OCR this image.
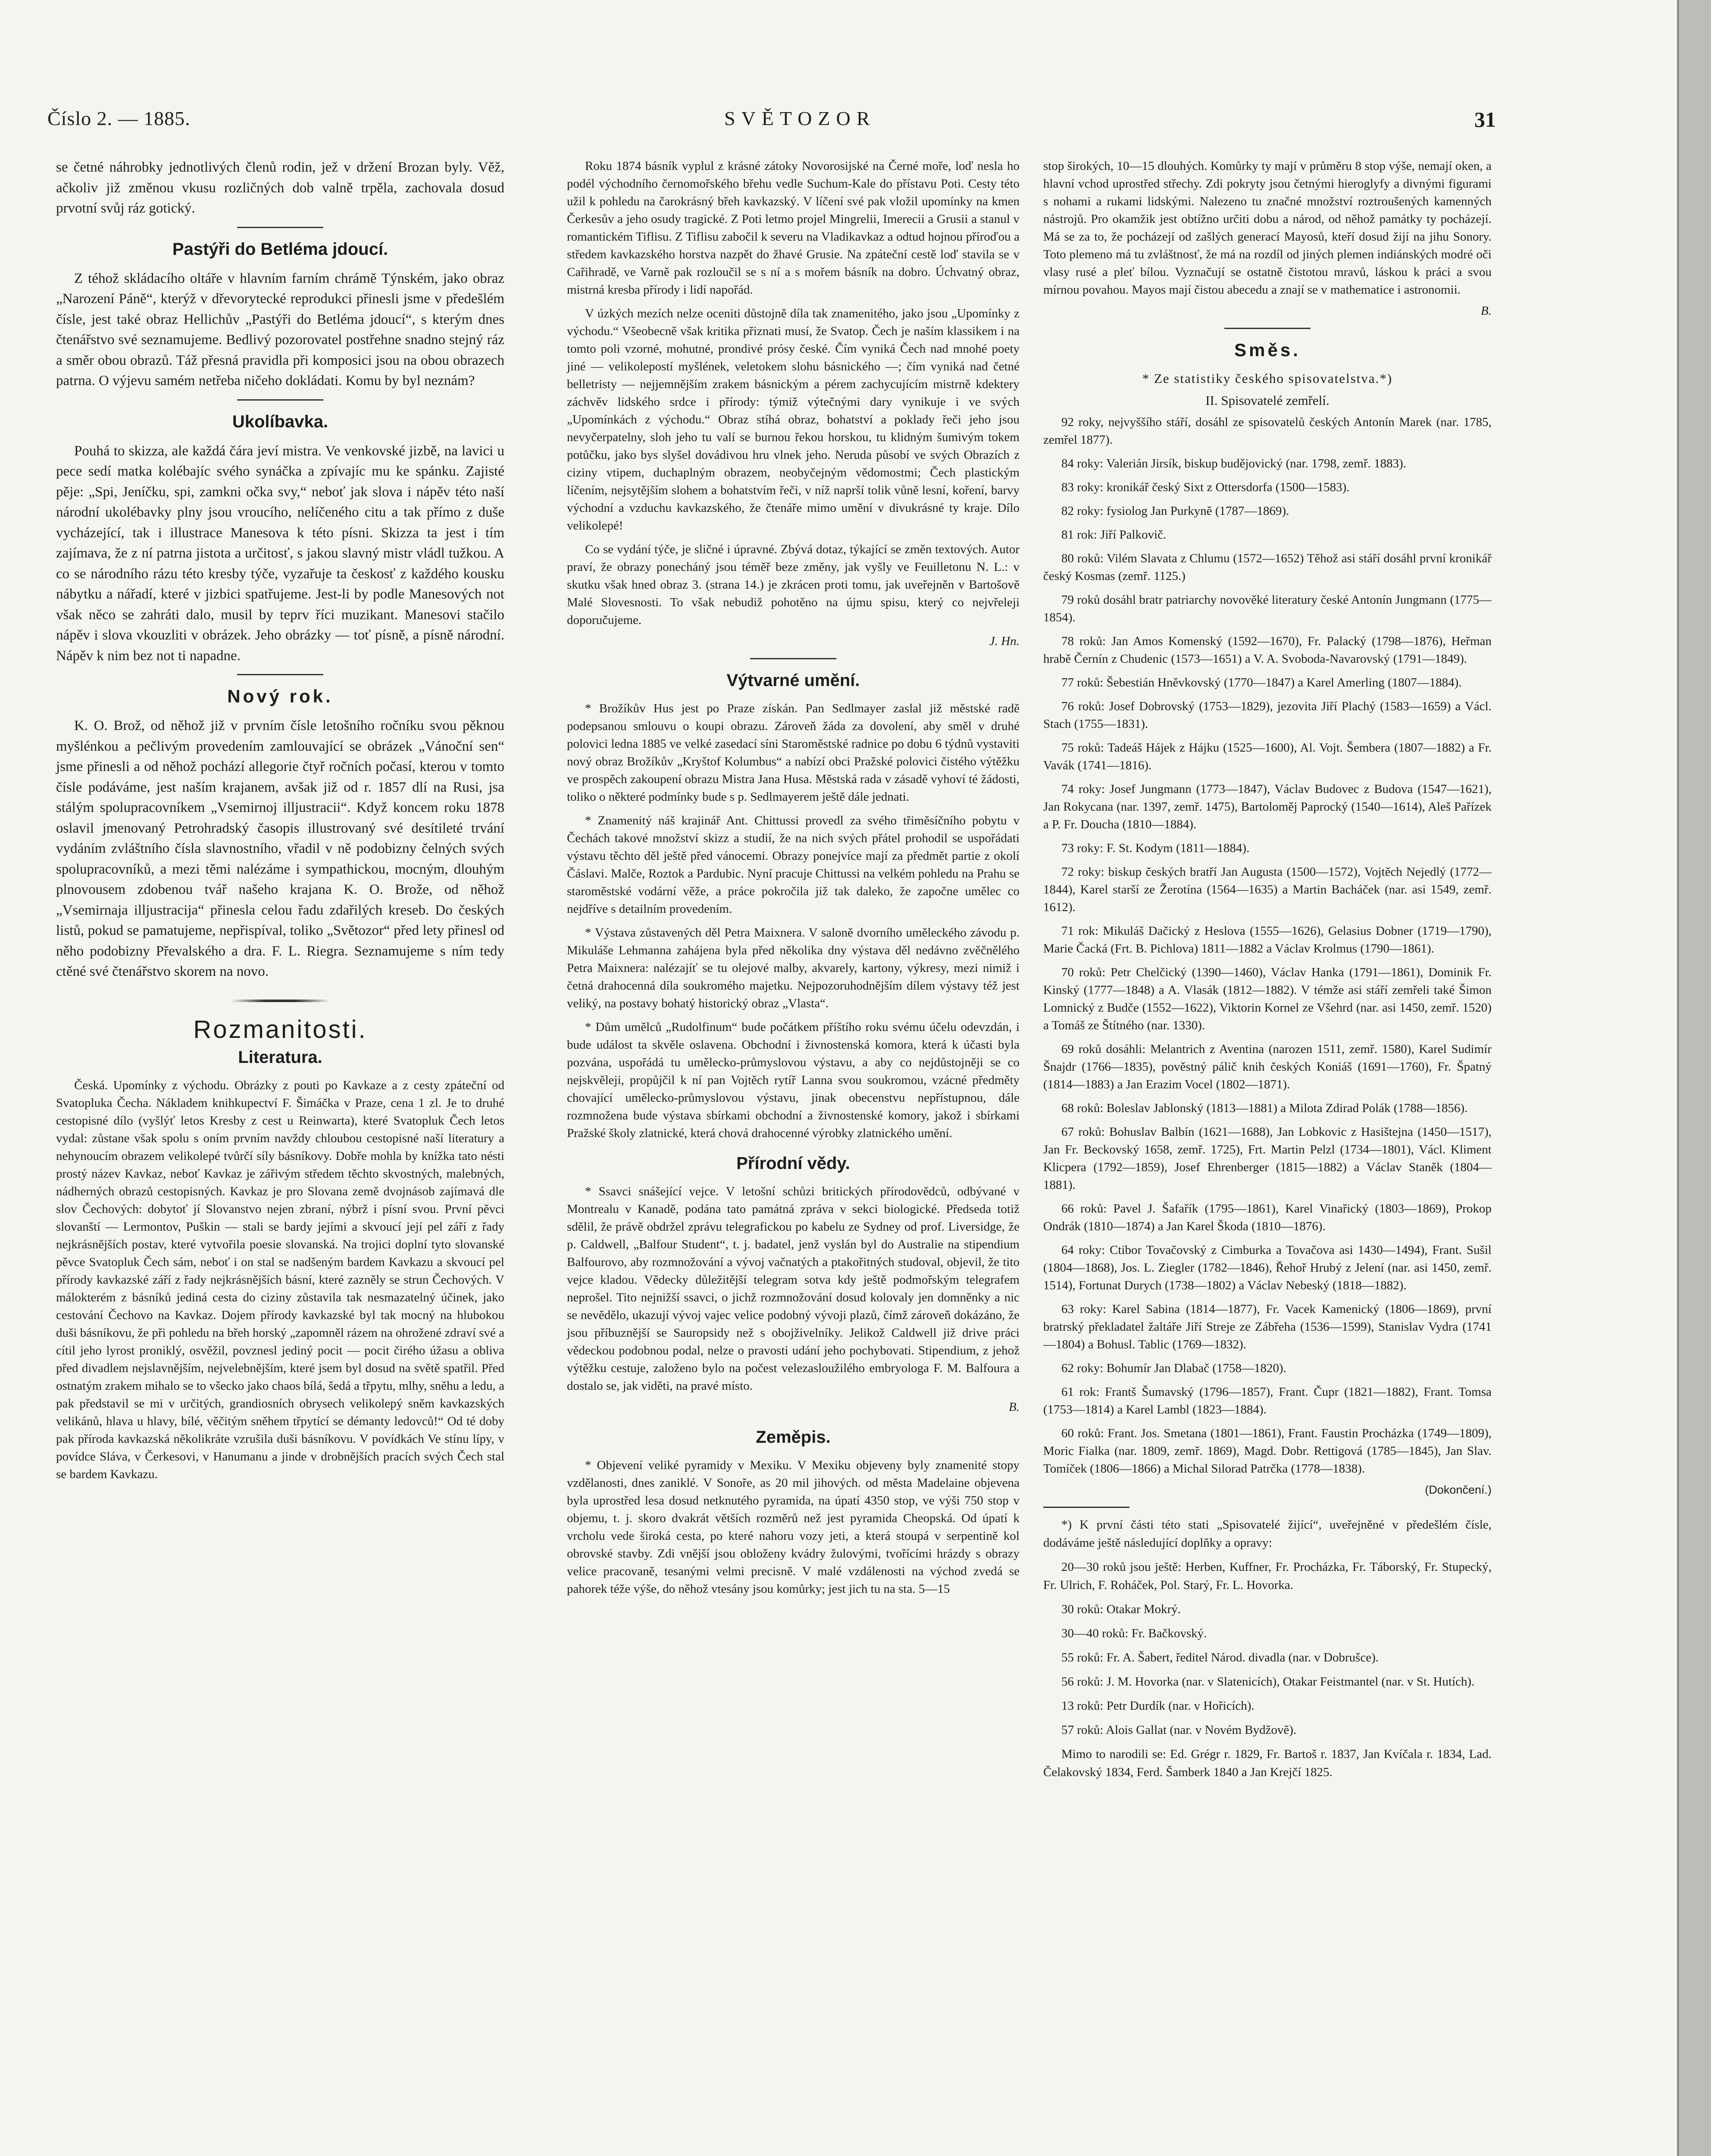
Číslo 2. — 1885.	SVĚTOZOR	31

se četné náhrobky jednotlivých členů rodin, jež v držení Brozan byly. Věž, ačkoliv již změnou vkusu rozličných dob valně trpěla, zachovala dosud prvotní svůj ráz gotický.

Pastýři do Betléma jdoucí.

Z téhož skládacího oltáře v hlavním farním chrámě Týnském, jako obraz „Narození Páně“, kterýž v dřevorytecké reprodukci přinesli jsme v předešlém čísle, jest také obraz Hellichův „Pastýři do Betléma jdoucí“, s kterým dnes čtenářstvo své seznamujeme. Bedlivý pozorovatel postřehne snadno stejný ráz a směr obou obrazů. Táž přesná pravidla při komposici jsou na obou obrazech patrna. O výjevu samém netřeba ničeho dokládati. Komu by byl neznám?

Ukolíbavka.

Pouhá to skizza, ale každá čára jeví mistra. Ve venkovské jizbě, na lavici u pece sedí matka kolébajíc svého synáčka a zpívajíc mu ke spánku. Zajisté pěje: „Spi, Jeníčku, spi, zamkni očka svy,“ neboť jak slova i nápěv této naší národní ukolébavky plny jsou vroucího, nelíčeného citu a tak přímo z duše vycházející, tak i illustrace Manesova k této písni. Skizza ta jest i tím zajímava, že z ní patrna jistota a určitosť, s jakou slavný mistr vládl tužkou. A co se národního rázu této kresby týče, vyzařuje ta českosť z každého kousku nábytku a nářadí, které v jizbici spatřujeme. Jest-li by podle Manesových not však něco se zahráti dalo, musil by teprv říci muzikant. Manesovi stačilo nápěv i slova vkouzliti v obrázek. Jeho obrázky — toť písně, a písně národní. Nápěv k nim bez not ti napadne.

Nový rok.

K. O. Brož, od něhož již v prvním čísle letošního ročníku svou pěknou myšlénkou a pečlivým provedením zamlouvající se obrázek „Vánoční sen“ jsme přinesli a od něhož pochází allegorie čtyř ročních počasí, kterou v tomto čísle podáváme, jest naším krajanem, avšak již od r. 1857 dlí na Rusi, jsa stálým spolupracovníkem „Vsemirnoj illjustracii“. Když koncem roku 1878 oslavil jmenovaný Petrohradský časopis illustrovaný své desítileté trvání vydáním zvláštního čísla slavnostního, vřadil v ně podobizny čelných svých spolupracovníků, a mezi těmi nalézáme i sympathickou, mocným, dlouhým plnovousem zdobenou tvář našeho krajana K. O. Brože, od něhož „Vsemirnaja illjustracija“ přinesla celou řadu zdařilých kreseb. Do českých listů, pokud se pamatujeme, nepřispíval, toliko „Světozor“ před lety přinesl od něho podobizny Převalského a dra. F. L. Riegra. Seznamujeme s ním tedy ctěné své čtenářstvo skorem na novo.

Rozmanitosti.
Literatura.

Česká. Upomínky z východu. Obrázky z pouti po Kavkaze a z cesty zpáteční od Svatopluka Čecha. Nákladem knihkupectví F. Šimáčka v Praze, cena 1 zl. Je to druhé cestopisné dílo (vyšlýť letos Kresby z cest u Reinwarta), které Svatopluk Čech letos vydal: zůstane však spolu s oním prvním navždy chloubou cestopisné naší literatury a nehynoucím obrazem velikolepé tvůrčí síly básníkovy. Dobře mohla by knížka tato nésti prostý název Kavkaz, neboť Kavkaz je zářivým středem těchto skvostných, malebných, nádherných obrazů cestopisných. Kavkaz je pro Slovana země dvojnásob zajímavá dle slov Čechových: dobytoť jí Slovanstvo nejen zbraní, nýbrž i písní svou. První pěvci slovanští — Lermontov, Puškin — stali se bardy jejími a skvoucí její pel září z řady nejkrásnějších postav, které vytvořila poesie slovanská. Na trojici doplní tyto slovanské pěvce Svatopluk Čech sám, neboť i on stal se nadšeným bardem Kavkazu a skvoucí pel přírody kavkazské září z řady nejkrásnějších básní, které zazněly se strun Čechových. V málokterém z básníků jediná cesta do ciziny zůstavila tak nesmazatelný účinek, jako cestování Čechovo na Kavkaz. Dojem přírody kavkazské byl tak mocný na hlubokou duši básníkovu, že při pohledu na břeh horský „zapomněl rázem na ohrožené zdraví své a cítil jeho lyrost proniklý, osvěžil, povznesl jediný pocit — pocit čirého úžasu a obliva před divadlem nejslavnějším, nejvelebnějším, které jsem byl dosud na světě spatřil. Před ostnatým zrakem mihalo se to všecko jako chaos bílá, šedá a třpytu, mlhy, sněhu a ledu, a pak představil se mi v určitých, grandiosních obrysech velikolepý sněm kavkazských velikánů, hlava u hlavy, bílé, věčitým sněhem třpytící se démanty ledovců!“ Od té doby pak příroda kavkazská několikráte vzrušila duši básníkovu. V povídkách Ve stínu lípy, v povídce Sláva, v Čerkesovi, v Hanumanu a jinde v drobnějších pracích svých Čech stal se bardem Kavkazu.

Roku 1874 básník vyplul z krásné zátoky Novorosijské na Černé moře, loď nesla ho podél východního černomořského břehu vedle Suchum-Kale do přístavu Poti. Cesty této užil k pohledu na čarokrásný břeh kavkazský. V líčení své pak vložil upomínky na kmen Čerkesův a jeho osudy tragické. Z Poti letmo projel Mingrelii, Imerecii a Grusii a stanul v romantickém Tiflisu. Z Tiflisu zabočil k severu na Vladikavkaz a odtud hojnou příroďou a středem kavkazského horstva nazpět do žhavé Grusie. Na zpáteční cestě loď stavila se v Cařihradě, ve Varně pak rozloučil se s ní a s mořem básník na dobro. Úchvatný obraz, mistrná kresba přírody i lidí napořád.

V úzkých mezích nelze oceniti důstojně díla tak znamenitého, jako jsou „Upomínky z východu.“ Všeobecně však kritika přiznati musí, že Svatop. Čech je naším klassikem i na tomto poli vzorné, mohutné, prondivé prósy české. Čím vyniká Čech nad mnohé poety jiné — velikolepostí myšlének, veletokem slohu básnického —; čím vyniká nad četné belletristy — nejjemnějším zrakem básnickým a pérem zachycujícím mistrně kdektery záchvěv lidského srdce i přírody: týmiž výtečnými dary vynikuje i ve svých „Upomínkách z východu.“ Obraz stíhá obraz, bohatství a poklady řeči jeho jsou nevyčerpatelny, sloh jeho tu valí se burnou řekou horskou, tu klidným šumivým tokem potůčku, jako bys slyšel dovádivou hru vlnek jeho. Neruda působí ve svých Obrazích z ciziny vtipem, duchaplným obrazem, neobyčejným vědomostmi; Čech plastickým líčením, nejsytějším slohem a bohatstvím řeči, v níž naprší tolik vůně lesní, koření, barvy východní a vzduchu kavkazského, že čtenáře mimo umění v divukrásné ty kraje. Dílo velikolepé!

Co se vydání týče, je sličné i úpravné. Zbývá dotaz, týkající se změn textových. Autor praví, že obrazy ponecháný jsou téměř beze změny, jak vyšly ve Feuilletonu N. L.: v skutku však hned obraz 3. (strana 14.) je zkrácen proti tomu, jak uveřejněn v Bartošově Malé Slovesnosti. To však nebudiž pohotěno na újmu spisu, který co nejvřeleji doporučujeme.

J. Hn.
Výtvarné umění.

* Brožíkův Hus jest po Praze získán. Pan Sedlmayer zaslal již městské radě podepsanou smlouvu o koupi obrazu. Zároveň žáda za dovolení, aby směl v druhé polovici ledna 1885 ve velké zasedací síni Staroměstské radnice po dobu 6 týdnů vystaviti nový obraz Brožíkův „Kryštof Kolumbus“ a nabízí obci Pražské polovici čistého výtěžku ve prospěch zakoupení obrazu Mistra Jana Husa. Městská rada v zásadě vyhoví té žádosti, toliko o některé podmínky bude s p. Sedlmayerem ještě dále jednati.

* Znamenitý náš krajinář Ant. Chittussi provedl za svého třiměsíčního pobytu v Čechách takové množství skizz a studií, že na nich svých přátel prohodil se uspořádati výstavu těchto děl ještě před vánocemi. Obrazy ponejvíce mají za předmět partie z okolí Čáslavi. Malče, Roztok a Pardubic. Nyní pracuje Chittussi na velkém pohledu na Prahu se staroměstské vodární věže, a práce pokročila již tak daleko, že započne umělec co nejdříve s detailním provedením.

* Výstava zůstavených děl Petra Maixnera. V saloně dvorního uměleckého závodu p. Mikuláše Lehmanna zahájena byla před několika dny výstava děl nedávno zvěčnělého Petra Maixnera: nalézajíť se tu olejové malby, akvarely, kartony, výkresy, mezi nimiž i četná drahocenná díla soukromého majetku. Nejpozoruhodnějším dílem výstavy též jest veliký, na postavy bohatý historický obraz „Vlasta“.

* Dům umělců „Rudolfinum“ bude počátkem příštího roku svému účelu odevzdán, i bude událost ta skvěle oslavena. Obchodní i živnostenská komora, která k účasti byla pozvána, uspořádá tu umělecko-průmyslovou výstavu, a aby co nejdůstojněji se co nejskvěleji, propůjčil k ní pan Vojtěch rytíř Lanna svou soukromou, vzácné předměty chovající umělecko-průmyslovou výstavu, jinak obecenstvu nepřístupnou, dále rozmnožena bude výstava sbírkami obchodní a živnostenské komory, jakož i sbírkami Pražské školy zlatnické, která chová drahocenné výrobky zlatnického umění.

Přírodní vědy.

* Ssavci snášející vejce. V letošní schůzi britických přírodovědců, odbývané v Montrealu v Kanadě, podána tato památná zpráva v sekci biologické. Předseda totiž sdělil, že právě obdržel zprávu telegrafickou po kabelu ze Sydney od prof. Liversidge, že p. Caldwell, „Balfour Student“, t. j. badatel, jenž vyslán byl do Australie na stipendium Balfourovo, aby rozmnožování a vývoj vačnatých a ptakořitných studoval, objevil, že tito vejce kladou. Vědecky důležitější telegram sotva kdy ještě podmořským telegrafem neprošel. Tito nejnižší ssavci, o jichž rozmnožování dosud kolovaly jen domněnky a nic se nevědělo, ukazují vývoj vajec velice podobný vývoji plazů, čímž zároveň dokázáno, že jsou příbuznější se Sauropsidy než s obojživelníky. Jelikož Caldwell již drive práci vědeckou podobnou podal, nelze o pravosti udání jeho pochybovati. Stipendium, z jehož výtěžku cestuje, založeno bylo na počest velezasloužilého embryologa F. M. Balfoura a dostalo se, jak viděti, na pravé místo.

B.
Zeměpis.

* Objevení veliké pyramidy v Mexiku. V Mexiku objeveny byly znamenité stopy vzdělanosti, dnes zaniklé. V Sonoře, as 20 mil jihových. od města Madelaine objevena byla uprostřed lesa dosud netknutého pyramida, na úpatí 4350 stop, ve výši 750 stop v objemu, t. j. skoro dvakrát větších rozměrů než jest pyramida Cheopská. Od úpatí k vrcholu vede široká cesta, po které nahoru vozy jeti, a která stoupá v serpentině kol obrovské stavby. Zdi vnější jsou obloženy kvádry žulovými, tvořícími hrázdy s obrazy velice pracovaně, tesanými velmi precisně. V malé vzdálenosti na východ zvedá se pahorek téže výše, do něhož vtesány jsou komůrky; jest jich tu na sta. 5—15

stop širokých, 10—15 dlouhých. Komůrky ty mají v průměru 8 stop výše, nemají oken, a hlavní vchod uprostřed střechy. Zdi pokryty jsou četnými hieroglyfy a divnými figurami s nohami a rukami lidskými. Nalezeno tu značné množství roztroušených kamenných nástrojů. Pro okamžik jest obtížno určiti dobu a národ, od něhož památky ty pocházejí. Má se za to, že pocházejí od zašlých generací Mayosů, kteří dosud žijí na jihu Sonory. Toto plemeno má tu zvláštnosť, že má na rozdíl od jiných plemen indiánských modré oči vlasy rusé a pleť bílou. Vyznačují se ostatně čistotou mravů, láskou k práci a svou mírnou povahou. Mayos mají čistou abecedu a znají se v mathematice i astronomii.

B.
Směs.
* Ze statistiky českého spisovatelstva.*)
II. Spisovatelé zemřelí.

92 roky, nejvyššího stáří, dosáhl ze spisovatelů českých Antonín Marek (nar. 1785, zemřel 1877).

84 roky: Valerián Jirsík, biskup budějovický (nar. 1798, zemř. 1883).

83 roky: kronikář český Sixt z Ottersdorfa (1500—1583).

82 roky: fysiolog Jan Purkyně (1787—1869).

81 rok: Jiří Palkovič.

80 roků: Vilém Slavata z Chlumu (1572—1652) Těhož asi stáří dosáhl první kronikář český Kosmas (zemř. 1125.)

79 roků dosáhl bratr patriarchy novověké literatury české Antonín Jungmann (1775—1854).

78 roků: Jan Amos Komenský (1592—1670), Fr. Palacký (1798—1876), Heřman hrabě Černín z Chudenic (1573—1651) a V. A. Svoboda-Navarovský (1791—1849).

77 roků: Šebestián Hněvkovský (1770—1847) a Karel Amerling (1807—1884).

76 roků: Josef Dobrovský (1753—1829), jezovita Jiří Plachý (1583—1659) a Václ. Stach (1755—1831).

75 roků: Tadeáš Hájek z Hájku (1525—1600), Al. Vojt. Šembera (1807—1882) a Fr. Vavák (1741—1816).

74 roky: Josef Jungmann (1773—1847), Václav Budovec z Budova (1547—1621), Jan Rokycana (nar. 1397, zemř. 1475), Bartoloměj Paprocký (1540—1614), Aleš Pařízek a P. Fr. Doucha (1810—1884).

73 roky: F. St. Kodym (1811—1884).

72 roky: biskup českých bratří Jan Augusta (1500—1572), Vojtěch Nejedlý (1772—1844), Karel starší ze Žerotína (1564—1635) a Martin Bacháček (nar. asi 1549, zemř. 1612).

71 rok: Mikuláš Dačický z Heslova (1555—1626), Gelasius Dobner (1719—1790), Marie Čacká (Frt. B. Pichlova) 1811—1882 a Václav Krolmus (1790—1861).

70 roků: Petr Chelčický (1390—1460), Václav Hanka (1791—1861), Dominik Fr. Kinský (1777—1848) a A. Vlasák (1812—1882). V témže asi stáří zemřeli také Šimon Lomnický z Budče (1552—1622), Viktorin Kornel ze Všehrd (nar. asi 1450, zemř. 1520) a Tomáš ze Štítného (nar. 1330).

69 roků dosáhli: Melantrich z Aventina (narozen 1511, zemř. 1580), Karel Sudimír Šnajdr (1766—1835), pověstný pálič knih českých Koniáš (1691—1760), Fr. Špatný (1814—1883) a Jan Erazim Vocel (1802—1871).

68 roků: Boleslav Jablonský (1813—1881) a Milota Zdirad Polák (1788—1856).

67 roků: Bohuslav Balbín (1621—1688), Jan Lobkovic z Hasištejna (1450—1517), Jan Fr. Beckovský 1658, zemř. 1725), Frt. Martin Pelzl (1734—1801), Václ. Kliment Klicpera (1792—1859), Josef Ehrenberger (1815—1882) a Václav Staněk (1804—1881).

66 roků: Pavel J. Šafařík (1795—1861), Karel Vinařický (1803—1869), Prokop Ondrák (1810—1874) a Jan Karel Škoda (1810—1876).

64 roky: Ctibor Tovačovský z Cimburka a Tovačova asi 1430—1494), Frant. Sušil (1804—1868), Jos. L. Ziegler (1782—1846), Řehoř Hrubý z Jelení (nar. asi 1450, zemř. 1514), Fortunat Durych (1738—1802) a Václav Nebeský (1818—1882).

63 roky: Karel Sabina (1814—1877), Fr. Vacek Kamenický (1806—1869), první bratrský překladatel žaltáře Jiří Streje ze Zábřeha (1536—1599), Stanislav Vydra (1741—1804) a Bohusl. Tablic (1769—1832).

62 roky: Bohumír Jan Dlabač (1758—1820).

61 rok: Frantš Šumavský (1796—1857), Frant. Čupr (1821—1882), Frant. Tomsa (1753—1814) a Karel Lambl (1823—1884).

60 roků: Frant. Jos. Smetana (1801—1861), Frant. Faustin Procházka (1749—1809), Moric Fialka (nar. 1809, zemř. 1869), Magd. Dobr. Rettigová (1785—1845), Jan Slav. Tomíček (1806—1866) a Michal Silorad Patrčka (1778—1838).

(Dokončení.)

*) K první části této stati „Spisovatelé žijící“, uveřejněné v předešlém čísle, dodáváme ještě následující doplňky a opravy:

20—30 roků jsou ještě: Herben, Kuffner, Fr. Procházka, Fr. Táborský, Fr. Stupecký, Fr. Ulrich, F. Roháček, Pol. Starý, Fr. L. Hovorka.

30 roků: Otakar Mokrý.

30—40 roků: Fr. Bačkovský.

55 roků: Fr. A. Šabert, ředitel Národ. divadla (nar. v Dobrušce).

56 roků: J. M. Hovorka (nar. v Slatenicích), Otakar Feistmantel (nar. v St. Hutích).

13 roků: Petr Durdík (nar. v Hořicích).

57 roků: Alois Gallat (nar. v Novém Bydžově).

Mimo to narodili se: Ed. Grégr r. 1829, Fr. Bartoš r. 1837, Jan Kvíčala r. 1834, Lad. Čelakovský 1834, Ferd. Šamberk 1840 a Jan Krejčí 1825.
